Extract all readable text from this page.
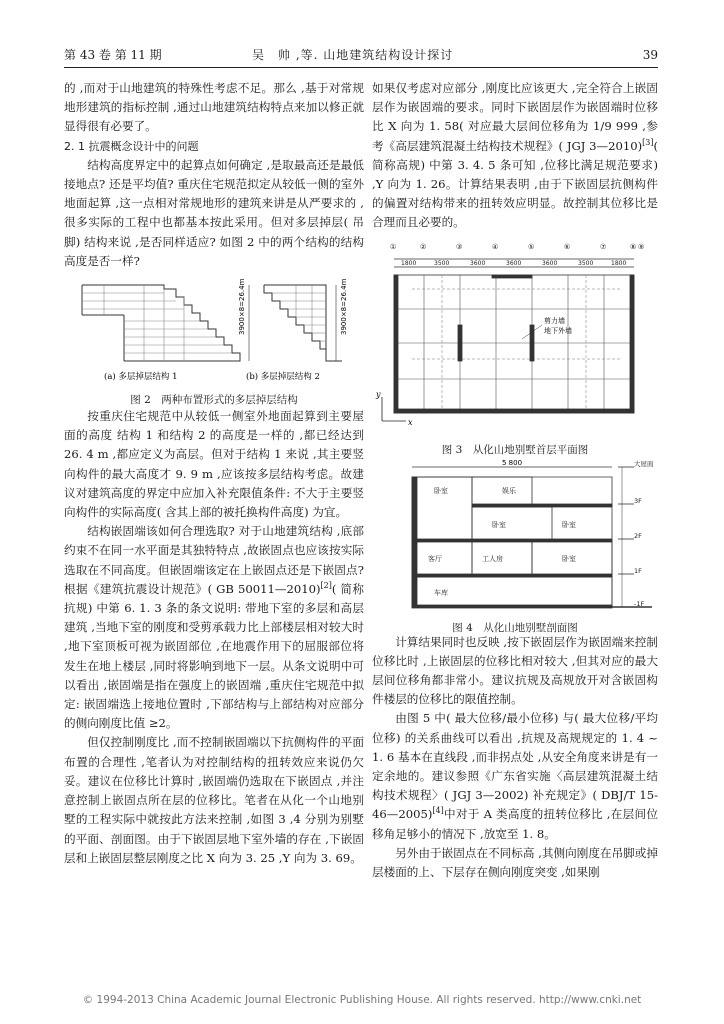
第 43 卷 第 11 期	吴　帅 ,等. 山地建筑结构设计探讨	39

的 ,而对于山地建筑的特殊性考虑不足。那么 ,基于对常规地形建筑的指标控制 ,通过山地建筑结构特点来加以修正就显得很有必要了。

2. 1 抗震概念设计中的问题

结构高度界定中的起算点如何确定 ,是取最高还是最低接地点? 还是平均值? 重庆住宅规范拟定从较低一侧的室外地面起算 ,这一点相对常规地形的建筑来讲是从严要求的 ,很多实际的工程中也都基本按此采用。但对多层掉层( 吊脚) 结构来说 ,是否同样适应? 如图 2 中的两个结构的结构高度是否一样?

3900×8=26.4m	3900×8=26.4m
(a) 多层掉层结构 1	(b) 多层掉层结构 2
图 2　两种布置形式的多层掉层结构

按重庆住宅规范中从较低一侧室外地面起算到主要屋面的高度 结构 1 和结构 2 的高度是一样的 ,都已经达到 26. 4 m ,都应定义为高层。但对于结构 1 来说 ,其主要竖向构件的最大高度才 9. 9 m ,应该按多层结构考虑。故建议对建筑高度的界定中应加入补充限值条件: 不大于主要竖向构件的实际高度( 含其上部的被托换构件高度) 为宜。

结构嵌固端该如何合理选取? 对于山地建筑结构 ,底部约束不在同一水平面是其独特特点 ,故嵌固点也应该按实际选取在不同高度。但嵌固端该定在上嵌固点还是下嵌固点? 根据《建筑抗震设计规范》( GB 50011—2010)[2]( 简称抗规) 中第 6. 1. 3 条的条文说明: 带地下室的多层和高层建筑 ,当地下室的刚度和受剪承载力比上部楼层相对较大时 ,地下室顶板可视为嵌固部位 ,在地震作用下的屈服部位将发生在地上楼层 ,同时将影响到地下一层。从条文说明中可以看出 ,嵌固端是指在强度上的嵌固端 ,重庆住宅规范中拟定: 嵌固端选上接地位置时 ,下部结构与上部结构对应部分的侧向刚度比值 ≥2。

但仅控制刚度比 ,而不控制嵌固端以下抗侧构件的平面布置的合理性 ,笔者认为对控制结构的扭转效应来说仍欠妥。建议在位移比计算时 ,嵌固端仍选取在下嵌固点 ,并注意控制上嵌固点所在层的位移比。笔者在从化一个山地别墅的工程实际中就按此方法来控制 ,如图 3 ,4 分别为别墅的平面、剖面图。由于下嵌固层地下室外墙的存在 ,下嵌固层和上嵌固层整层刚度之比 X 向为 3. 25 ,Y 向为 3. 69。

如果仅考虑对应部分 ,刚度比应该更大 ,完全符合上嵌固层作为嵌固端的要求。同时下嵌固层作为嵌固端时位移比 X 向为 1. 58( 对应最大层间位移角为 1/9 999 ,参考《高层建筑混凝土结构技术规程》( JGJ 3—2010)[3]( 简称高规) 中第 3. 4. 5 条可知 ,位移比满足规范要求) ,Y 向为 1. 26。计算结果表明 ,由于下嵌固层抗侧构件的偏置对结构带来的扭转效应明显。故控制其位移比是合理而且必要的。

①	②	③	④	⑤	⑥	⑦	⑧ ⑨
1800	3500	3600	3600	3600	3500	1800
剪力墙
地下外墙
y
x
图 3　从化山地别墅首层平面图
5 800
卧室
客厅
卧室	卧室
卧室
车库
工人房
娱乐
大屋面
3F
2F
1F
-1F
图 4　从化山地别墅剖面图

计算结果同时也反映 ,按下嵌固层作为嵌固端来控制位移比时 ,上嵌固层的位移比相对较大 ,但其对应的最大层间位移角都非常小。建议抗规及高规放开对含嵌固构件楼层的位移比的限值控制。

由图 5 中( 最大位移/最小位移) 与( 最大位移/平均位移) 的关系曲线可以看出 ,抗规及高规规定的 1. 4 ~ 1. 6 基本在直线段 ,而非拐点处 ,从安全角度来讲是有一定余地的。建议参照《广东省实施〈高层建筑混凝土结构技术规程〉( JGJ 3—2002) 补充规定》( DBJ/T 15-46—2005)[4]中对于 A 类高度的扭转位移比 ,在层间位移角足够小的情况下 ,放宽至 1. 8。

另外由于嵌固点在不同标高 ,其侧向刚度在吊脚或掉层楼面的上、下层存在侧向刚度突变 ,如果刚

© 1994-2013 China Academic Journal Electronic Publishing House. All rights reserved. http://www.cnki.net
